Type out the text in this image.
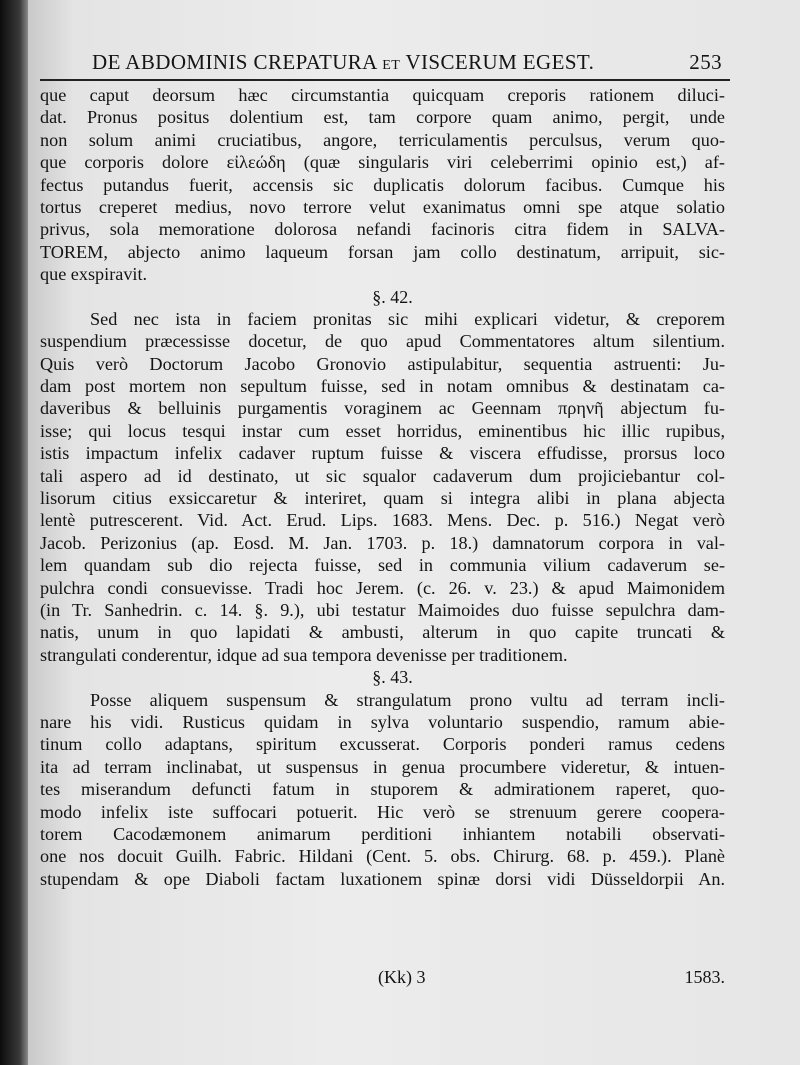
DE ABDOMINIS CREPATURA ET VISCERUM EGEST.	253
que caput deorsum hæc circumstantia quicquam creporis rationem diluci-
dat. Pronus positus dolentium est, tam corpore quam animo, pergit, unde
non solum animi cruciatibus, angore, terriculamentis perculsus, verum quo-
que corporis dolore εἰλεώδη (quæ singularis viri celeberrimi opinio est,) af-
fectus putandus fuerit, accensis sic duplicatis dolorum facibus. Cumque his
tortus creperet medius, novo terrore velut exanimatus omni spe atque solatio
privus, sola memoratione dolorosa nefandi facinoris citra fidem in SALVA-
TOREM, abjecto animo laqueum forsan jam collo destinatum, arripuit, sic-
que exspiravit.
§. 42.
Sed nec ista in faciem pronitas sic mihi explicari videtur, & creporem
suspendium præcessisse docetur, de quo apud Commentatores altum silentium.
Quis verò Doctorum Jacobo Gronovio astipulabitur, sequentia astruenti: Ju-
dam post mortem non sepultum fuisse, sed in notam omnibus & destinatam ca-
daveribus & belluinis purgamentis voraginem ac Geennam πρηνῆ abjectum fu-
isse; qui locus tesqui instar cum esset horridus, eminentibus hic illic rupibus,
istis impactum infelix cadaver ruptum fuisse & viscera effudisse, prorsus loco
tali aspero ad id destinato, ut sic squalor cadaverum dum projiciebantur col-
lisorum citius exsiccaretur & interiret, quam si integra alibi in plana abjecta
lentè putrescerent. Vid. Act. Erud. Lips. 1683. Mens. Dec. p. 516.) Negat verò
Jacob. Perizonius (ap. Eosd. M. Jan. 1703. p. 18.) damnatorum corpora in val-
lem quandam sub dio rejecta fuisse, sed in communia vilium cadaverum se-
pulchra condi consuevisse. Tradi hoc Jerem. (c. 26. v. 23.) & apud Maimonidem
(in Tr. Sanhedrin. c. 14. §. 9.), ubi testatur Maimoides duo fuisse sepulchra dam-
natis, unum in quo lapidati & ambusti, alterum in quo capite truncati &
strangulati conderentur, idque ad sua tempora devenisse per traditionem.
§. 43.
Posse aliquem suspensum & strangulatum prono vultu ad terram incli-
nare his vidi. Rusticus quidam in sylva voluntario suspendio, ramum abie-
tinum collo adaptans, spiritum excusserat. Corporis ponderi ramus cedens
ita ad terram inclinabat, ut suspensus in genua procumbere videretur, & intuen-
tes miserandum defuncti fatum in stuporem & admirationem raperet, quo-
modo infelix iste suffocari potuerit. Hic verò se strenuum gerere coopera-
torem Cacodæmonem animarum perditioni inhiantem notabili observati-
one nos docuit Guilh. Fabric. Hildani (Cent. 5. obs. Chirurg. 68. p. 459.). Planè
stupendam & ope Diaboli factam luxationem spinæ dorsi vidi Düsseldorpii An.
(Kk) 3	1583.
